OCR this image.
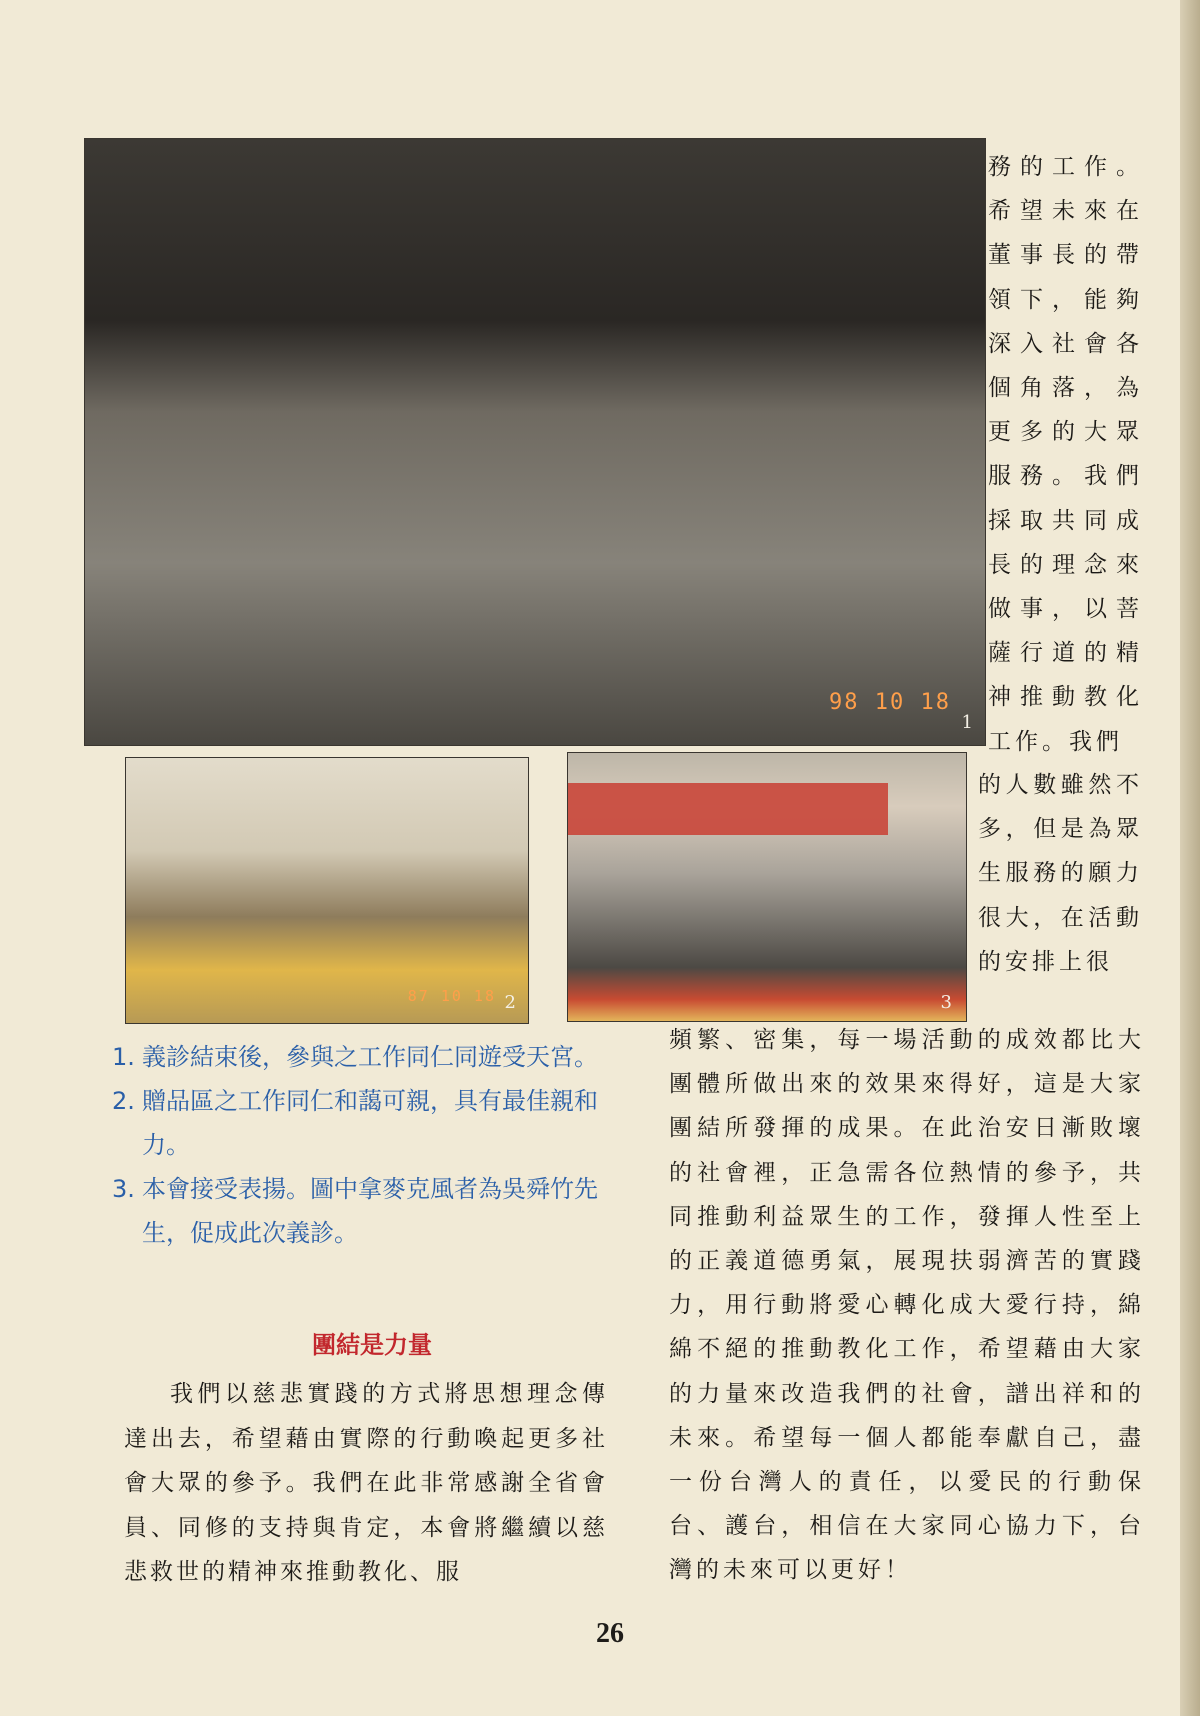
98 10 18
1
87 10 18 2	3

務的工作。希望未來在董事長的帶領下，能夠深入社會各個角落，為更多的大眾服務。我們採取共同成長的理念來做事，以菩薩行道的精神推動教化工作。我們

的人數雖然不多，但是為眾生服務的願力很大，在活動的安排上很

頻繁、密集，每一場活動的成效都比大團體所做出來的效果來得好，這是大家團結所發揮的成果。在此治安日漸敗壞的社會裡，正急需各位熱情的參予，共同推動利益眾生的工作，發揮人性至上的正義道德勇氣，展現扶弱濟苦的實踐力，用行動將愛心轉化成大愛行持，綿綿不絕的推動教化工作，希望藉由大家的力量來改造我們的社會，譜出祥和的未來。希望每一個人都能奉獻自己，盡一份台灣人的責任，以愛民的行動保台、護台，相信在大家同心協力下，台灣的未來可以更好！

1. 義診結束後，參與之工作同仁同遊受天宮。
2. 贈品區之工作同仁和藹可親，具有最佳親和力。
3. 本會接受表揚。圖中拿麥克風者為吳舜竹先生，促成此次義診。
團結是力量

我們以慈悲實踐的方式將思想理念傳達出去，希望藉由實際的行動喚起更多社會大眾的參予。我們在此非常感謝全省會員、同修的支持與肯定，本會將繼續以慈悲救世的精神來推動教化、服

26
